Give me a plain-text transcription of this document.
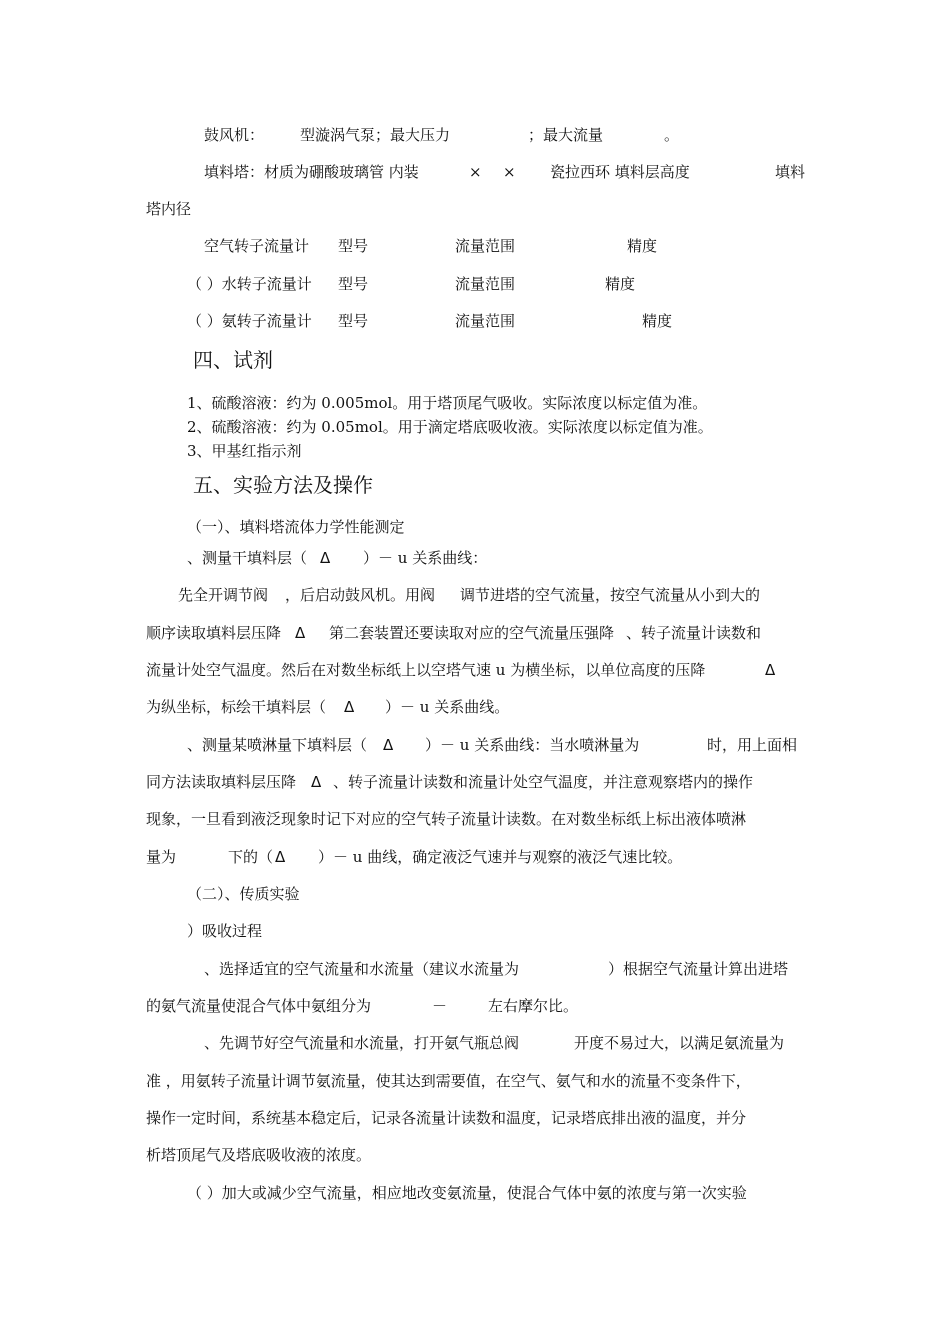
鼓风机： 型漩涡气泵；最大压力	；最大流量	。
填料塔：材质为硼酸玻璃管 内装	× × 瓷拉西环 填料层高度	填料
塔内径
空气转子流量计 型号	流量范围	精度
（ ）水转子流量计 型号	流量范围	精度
（ ）氨转子流量计 型号	流量范围	精度
四、试剂
1、硫酸溶液：约为 0.005mol。用于塔顶尾气吸收。实际浓度以标定值为准。
2、硫酸溶液：约为 0.05mol。用于滴定塔底吸收液。实际浓度以标定值为准。
3、甲基红指示剂
五、实验方法及操作
（一）、填料塔流体力学性能测定
、测量干填料层（ Δ ）－ u 关系曲线：
先全开调节阀 ，后启动鼓风机。用阀 调节进塔的空气流量，按空气流量从小到大的
顺序读取填料层压降 Δ 第二套装置还要读取对应的空气流量压强降 、转子流量计读数和
流量计处空气温度。然后在对数坐标纸上以空塔气速 u 为横坐标，以单位高度的压降	Δ
为纵坐标，标绘干填料层（ Δ ）－ u 关系曲线。
、测量某喷淋量下填料层（ Δ ）－ u 关系曲线：当水喷淋量为	时，用上面相
同方法读取填料层压降 Δ 、转子流量计读数和流量计处空气温度，并注意观察塔内的操作
现象，一旦看到液泛现象时记下对应的空气转子流量计读数。在对数坐标纸上标出液体喷淋
量为	下的（ Δ ）－ u 曲线，确定液泛气速并与观察的液泛气速比较。
（二）、传质实验
）吸收过程
、选择适宜的空气流量和水流量（建议水流量为	）根据空气流量计算出进塔
的氨气流量使混合气体中氨组分为	－	左右摩尔比。
、先调节好空气流量和水流量，打开氨气瓶总阀	开度不易过大，以满足氨流量为
准 ，用氨转子流量计调节氨流量，使其达到需要值，在空气、氨气和水的流量不变条件下，
操作一定时间，系统基本稳定后，记录各流量计读数和温度，记录塔底排出液的温度，并分
析塔顶尾气及塔底吸收液的浓度。
（ ）加大或减少空气流量，相应地改变氨流量，使混合气体中氨的浓度与第一次实验
